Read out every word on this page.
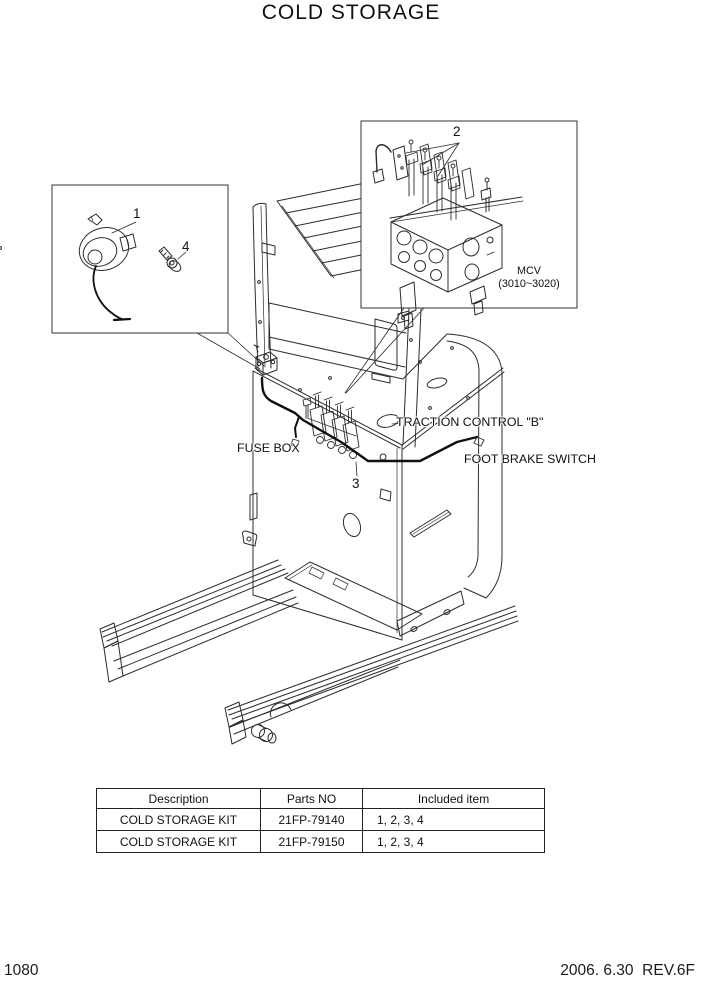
COLD STORAGE
1
4
2
3
MCV
(3010~3020)
TRACTION CONTROL "B"
FUSE BOX
FOOT BRAKE SWITCH
Description	Parts NO	Included item
COLD STORAGE KIT	21FP-79140	1, 2, 3, 4
COLD STORAGE KIT	21FP-79150	1, 2, 3, 4
1080	2006. 6.30  REV.6F
